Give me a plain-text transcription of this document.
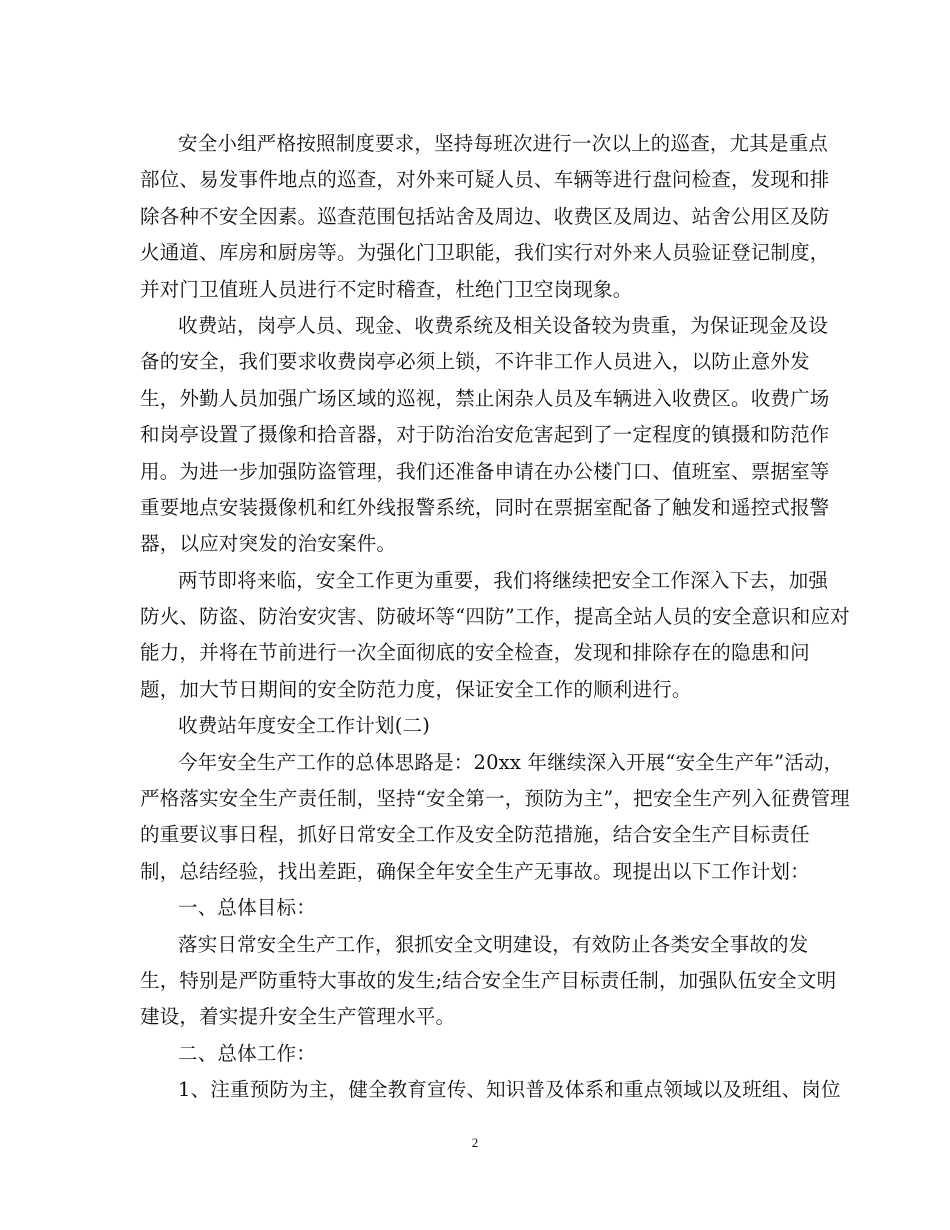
安全小组严格按照制度要求，坚持每班次进行一次以上的巡查，尤其是重点
部位、易发事件地点的巡查，对外来可疑人员、车辆等进行盘问检查，发现和排
除各种不安全因素。巡查范围包括站舍及周边、收费区及周边、站舍公用区及防
火通道、库房和厨房等。为强化门卫职能，我们实行对外来人员验证登记制度，
并对门卫值班人员进行不定时稽查，杜绝门卫空岗现象。
收费站，岗亭人员、现金、收费系统及相关设备较为贵重，为保证现金及设
备的安全，我们要求收费岗亭必须上锁，不许非工作人员进入，以防止意外发
生，外勤人员加强广场区域的巡视，禁止闲杂人员及车辆进入收费区。收费广场
和岗亭设置了摄像和拾音器，对于防治治安危害起到了一定程度的镇摄和防范作
用。为进一步加强防盗管理，我们还准备申请在办公楼门口、值班室、票据室等
重要地点安装摄像机和红外线报警系统，同时在票据室配备了触发和遥控式报警
器，以应对突发的治安案件。
两节即将来临，安全工作更为重要，我们将继续把安全工作深入下去，加强
防火、防盗、防治安灾害、防破坏等“四防”工作，提高全站人员的安全意识和应对
能力，并将在节前进行一次全面彻底的安全检查，发现和排除存在的隐患和问
题，加大节日期间的安全防范力度，保证安全工作的顺利进行。
收费站年度安全工作计划(二)
今年安全生产工作的总体思路是：20xx 年继续深入开展“安全生产年”活动，
严格落实安全生产责任制，坚持“安全第一，预防为主”，把安全生产列入征费管理
的重要议事日程，抓好日常安全工作及安全防范措施，结合安全生产目标责任
制，总结经验，找出差距，确保全年安全生产无事故。现提出以下工作计划：
一、总体目标：
落实日常安全生产工作，狠抓安全文明建设，有效防止各类安全事故的发
生，特别是严防重特大事故的发生;结合安全生产目标责任制，加强队伍安全文明
建设，着实提升安全生产管理水平。
二、总体工作：
1、注重预防为主，健全教育宣传、知识普及体系和重点领域以及班组、岗位
2
